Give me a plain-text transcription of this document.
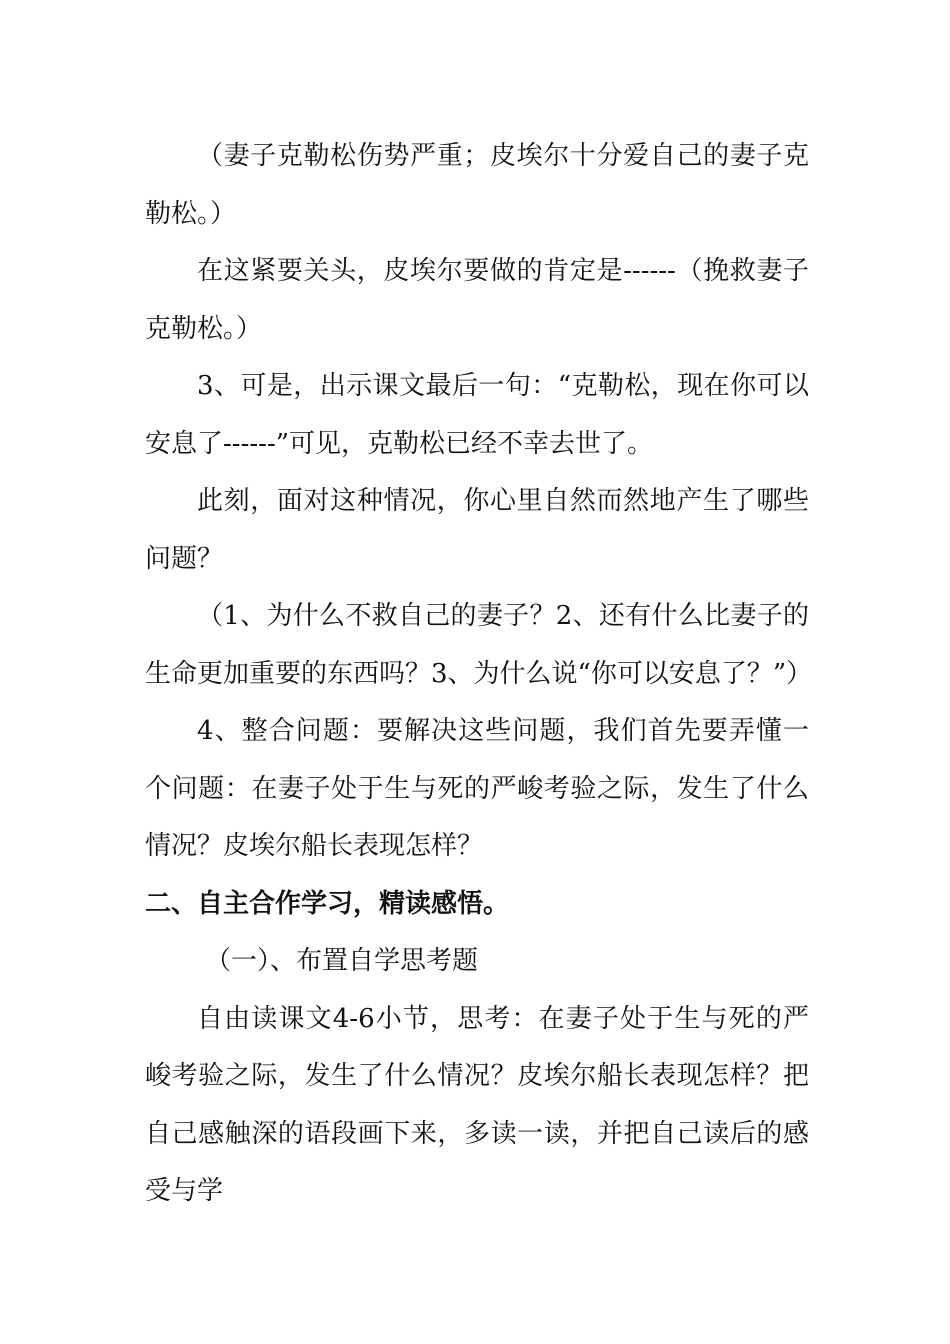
（妻子克勒松伤势严重；皮埃尔十分爱自己的妻子克勒松。）

在这紧要关头，皮埃尔要做的肯定是------（挽救妻子克勒松。）

3、可是，出示课文最后一句：“克勒松，现在你可以安息了------”可见，克勒松已经不幸去世了。

此刻，面对这种情况，你心里自然而然地产生了哪些问题？

（1、为什么不救自己的妻子？2、还有什么比妻子的生命更加重要的东西吗？3、为什么说“你可以安息了？”）

4、整合问题：要解决这些问题，我们首先要弄懂一个问题：在妻子处于生与死的严峻考验之际，发生了什么情况？皮埃尔船长表现怎样？

二、自主合作学习，精读感悟。

（一）、布置自学思考题

自由读课文4-6小节，思考：在妻子处于生与死的严峻考验之际，发生了什么情况？皮埃尔船长表现怎样？把自己感触深的语段画下来，多读一读，并把自己读后的感受与学
